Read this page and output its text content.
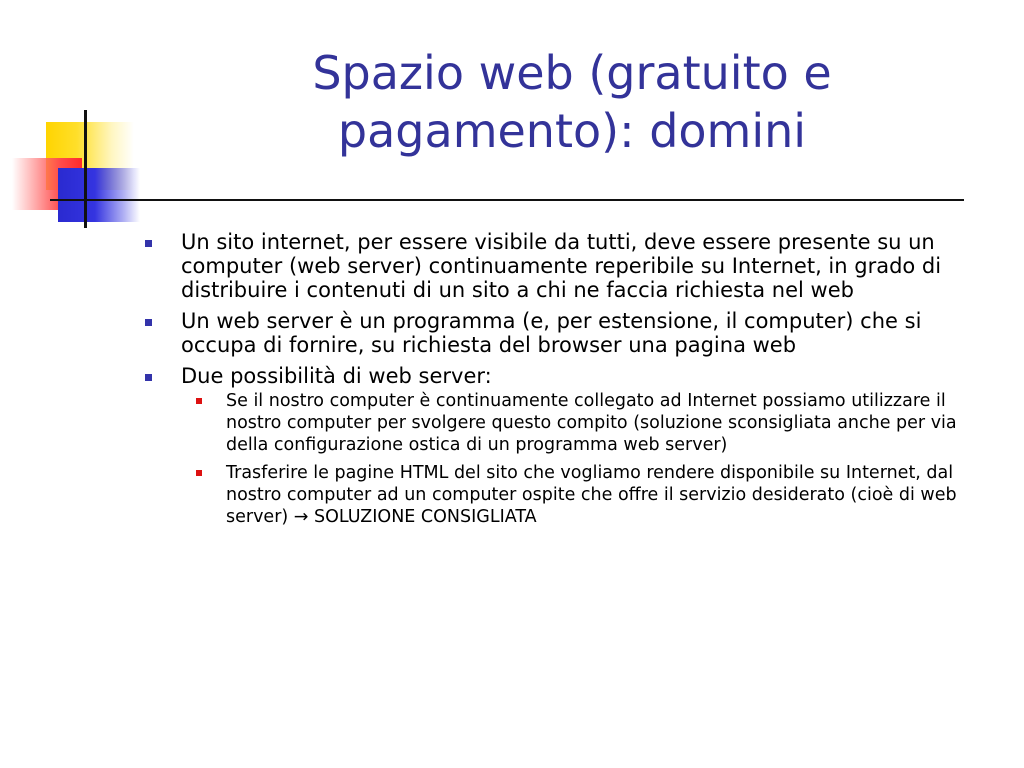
Spazio web (gratuito e pagamento): domini
Un sito internet, per essere visibile da tutti, deve essere presente su un computer (web server) continuamente reperibile su Internet, in grado di distribuire i contenuti di un sito a chi ne faccia richiesta nel web
Un web server è un programma (e, per estensione, il computer) che si occupa di fornire, su richiesta del browser una pagina web
Due possibilità di web server:
Se il nostro computer è continuamente collegato ad Internet possiamo utilizzare il nostro computer per svolgere questo compito (soluzione sconsigliata anche per via della configurazione ostica di un programma web server)
Trasferire le pagine HTML del sito che vogliamo rendere disponibile su Internet, dal nostro computer ad un computer ospite che offre il servizio desiderato (cioè di web server) → SOLUZIONE CONSIGLIATA
